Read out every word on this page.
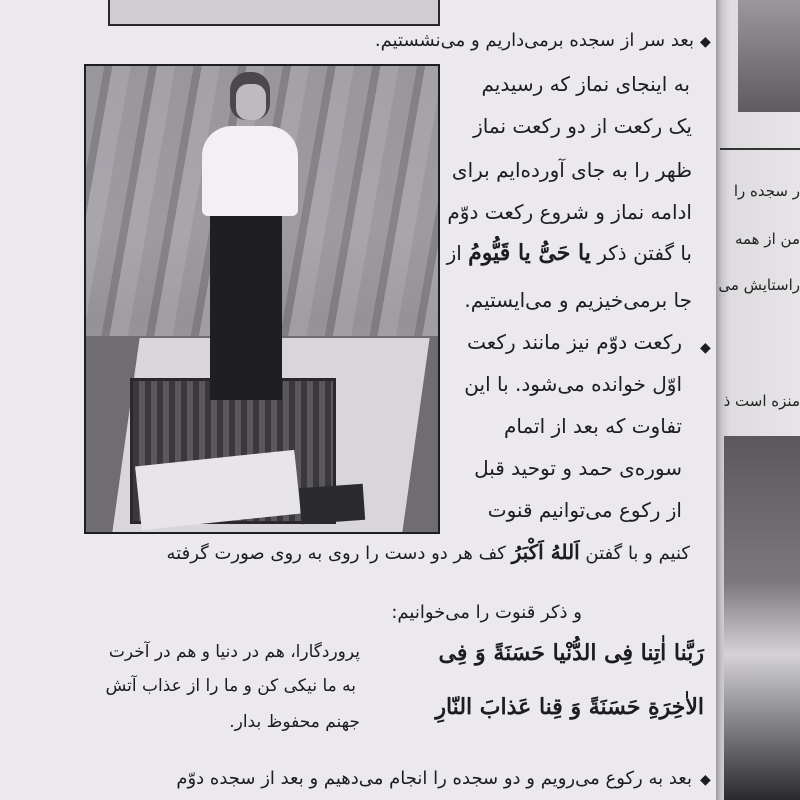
◆
بعد سر از سجده برمی‌داریم و می‌نشستیم.
به اینجای نماز که رسیدیم
یک رکعت از دو رکعت نماز
ظهر را به جای آورده‌ایم برای
ادامه نماز و شروع رکعت دوّم
با گفتن ذکر یا حَیُّ یا قَیُّومُ از
جا برمی‌خیزیم و می‌ایستیم.
◆
رکعت دوّم نیز مانند رکعت
اوّل خوانده می‌شود. با این
تفاوت که بعد از اتمام
سوره‌ی حمد و توحید قبل
از رکوع می‌توانیم قنوت
کنیم و با گفتن اَللهُ اَکْبَرُ کف هر دو دست را روی به روی صورت گرفته
و ذکر قنوت را می‌خوانیم:
رَبَّنا اٰتِنا فِی الدُّنْیا حَسَنَةً وَ فِی
الاٰخِرَةِ حَسَنَةً وَ قِنا عَذابَ النّارِ
پروردگارا، هم در دنیا و هم در آخرت
به ما نیکی کن و ما را از عذاب آتش
جهنم محفوظ بدار.
◆
بعد به رکوع می‌رویم و دو سجده را انجام می‌دهیم و بعد از سجده دوّم
ر سجده را
من از همه
راستایش می
منزه است ذ
